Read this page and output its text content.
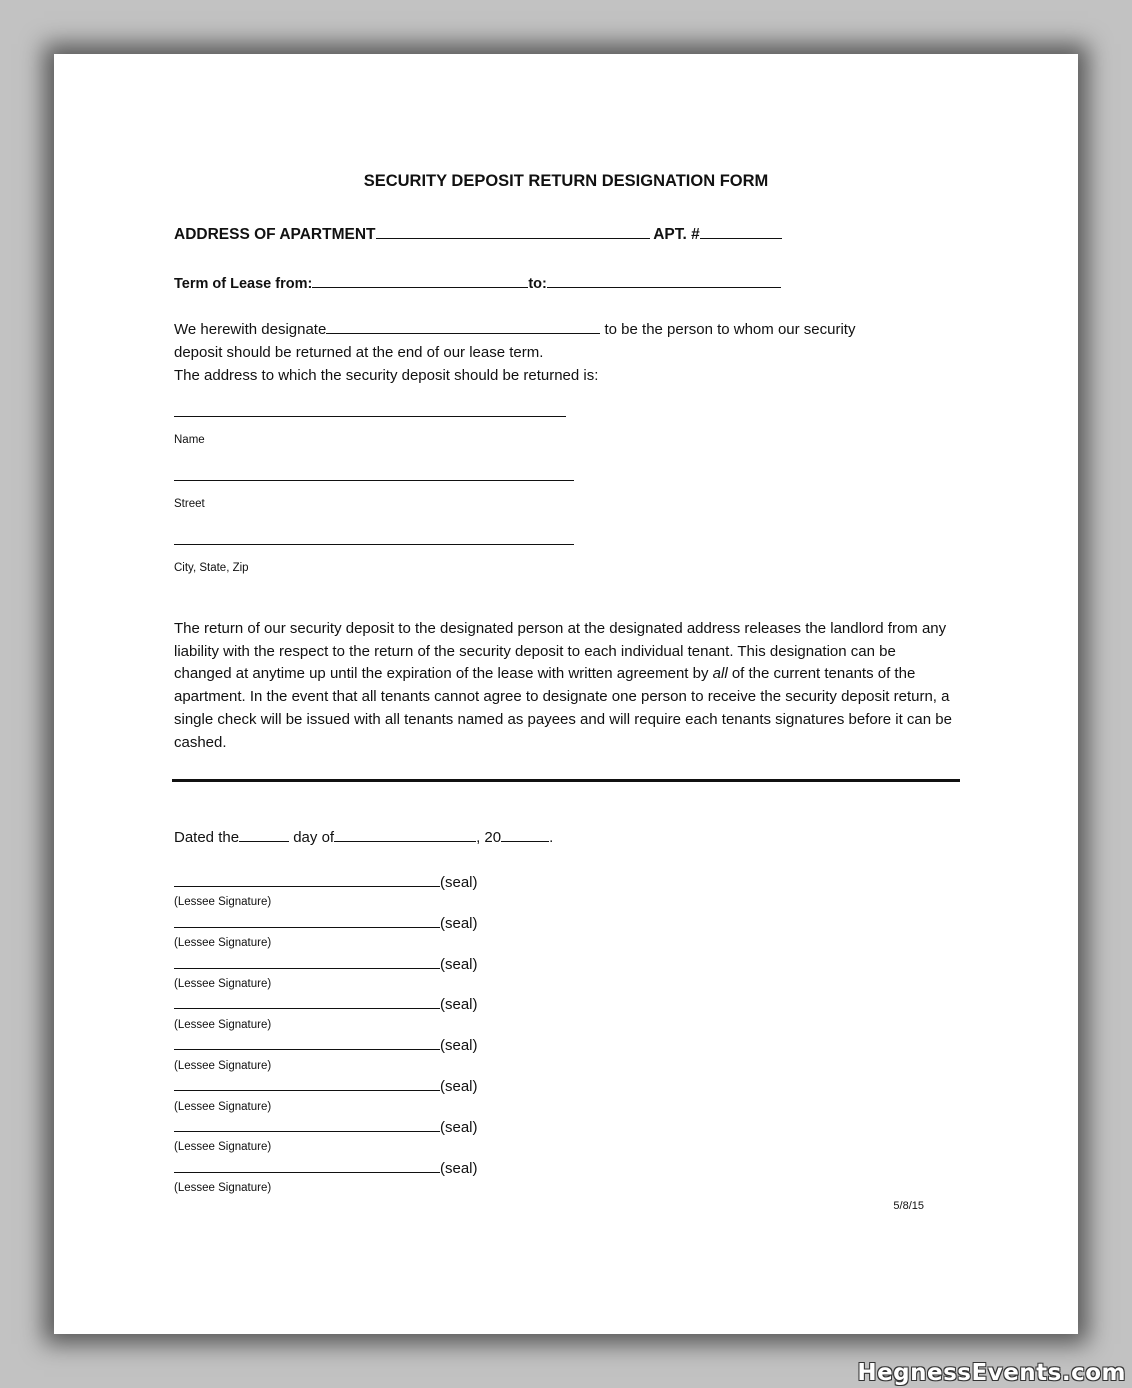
SECURITY DEPOSIT RETURN DESIGNATION FORM
ADDRESS OF APARTMENT	APT. #
Term of Lease from:	to:
We herewith designate	to be the person to whom our security
deposit should be returned at the end of our lease term.
The address to which the security deposit should be returned is:
Name
Street
City, State, Zip
The return of our security deposit to the designated person at the designated address releases the landlord from any liability with the respect to the return of the security deposit to each individual tenant. This designation can be changed at anytime up until the expiration of the lease with written agreement by all of the current tenants of the apartment. In the event that all tenants cannot agree to designate one person to receive the security deposit return, a single check will be issued with all tenants named as payees and will require each tenants signatures before it can be cashed.
Dated the	day of	, 20	.
(seal)
(Lessee Signature)
(seal)
(Lessee Signature)
(seal)
(Lessee Signature)
(seal)
(Lessee Signature)
(seal)
(Lessee Signature)
(seal)
(Lessee Signature)
(seal)
(Lessee Signature)
(seal)
(Lessee Signature)
5/8/15
HegnessEvents.com
